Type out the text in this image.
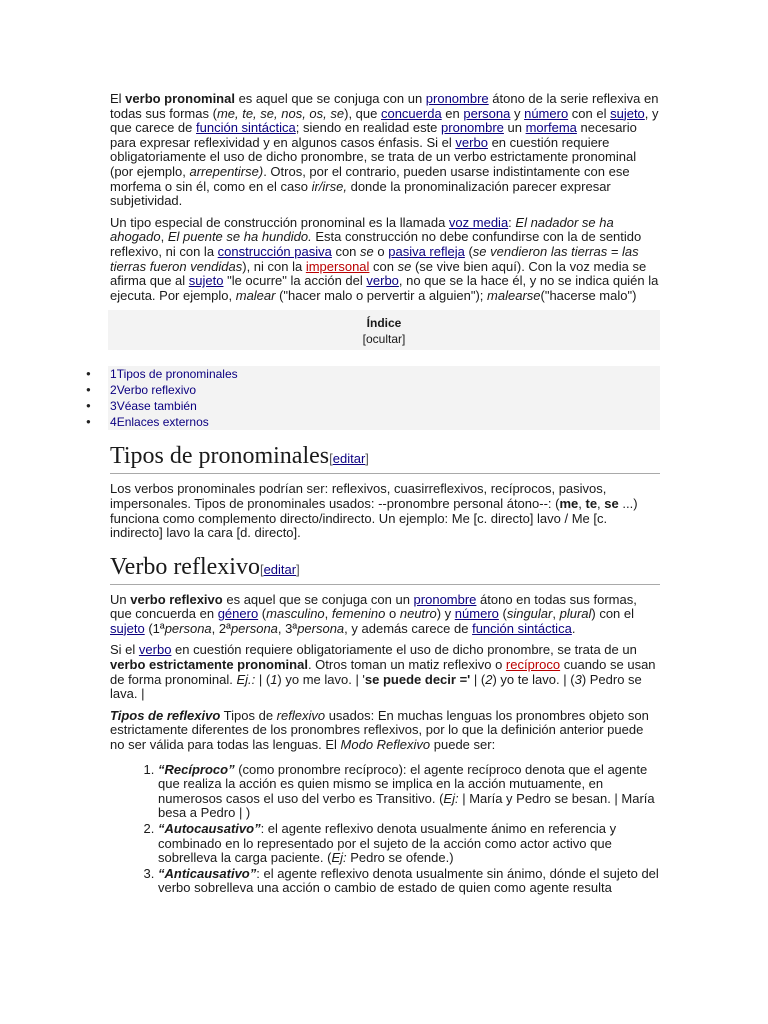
El verbo pronominal es aquel que se conjuga con un pronombre átono de la serie reflexiva en todas sus formas (me, te, se, nos, os, se), que concuerda en persona y número con el sujeto, y que carece de función sintáctica; siendo en realidad este pronombre un morfema necesario para expresar reflexividad y en algunos casos énfasis. Si el verbo en cuestión requiere obligatoriamente el uso de dicho pronombre, se trata de un verbo estrictamente pronominal (por ejemplo, arrepentirse). Otros, por el contrario, pueden usarse indistintamente con ese morfema o sin él, como en el caso ir/irse, donde la pronominalización parecer expresar subjetividad.

Un tipo especial de construcción pronominal es la llamada voz media: El nadador se ha ahogado, El puente se ha hundido. Esta construcción no debe confundirse con la de sentido reflexivo, ni con la construcción pasiva con se o pasiva refleja (se vendieron las tierras = las tierras fueron vendidas), ni con la impersonal con se (se vive bien aquí). Con la voz media se afirma que al sujeto "le ocurre" la acción del verbo, no que se la hace él, y no se indica quién la ejecuta. Por ejemplo, malear ("hacer malo o pervertir a alguien"); malearse("hacerse malo")

Índice
[ocultar]
● 1Tipos de pronominales
● 2Verbo reflexivo
● 3Véase también
● 4Enlaces externos
Tipos de pronominales[editar]

Los verbos pronominales podrían ser: reflexivos, cuasirreflexivos, recíprocos, pasivos, impersonales. Tipos de pronominales usados: --pronombre personal átono--: (me, te, se ...) funciona como complemento directo/indirecto. Un ejemplo: Me [c. directo] lavo / Me [c. indirecto] lavo la cara [d. directo].

Verbo reflexivo[editar]

Un verbo reflexivo es aquel que se conjuga con un pronombre átono en todas sus formas, que concuerda en género (masculino, femenino o neutro) y número (singular, plural) con el sujeto (1ªpersona, 2ªpersona, 3ªpersona, y además carece de función sintáctica.

Si el verbo en cuestión requiere obligatoriamente el uso de dicho pronombre, se trata de un verbo estrictamente pronominal. Otros toman un matiz reflexivo o recíproco cuando se usan de forma pronominal. Ej.: | (1) yo me lavo. | 'se puede decir =' | (2) yo te lavo. | (3) Pedro se lava. |

Tipos de reflexivo Tipos de reflexivo usados: En muchas lenguas los pronombres objeto son estrictamente diferentes de los pronombres reflexivos, por lo que la definición anterior puede no ser válida para todas las lenguas. El Modo Reflexivo puede ser:

1. “Recíproco” (como pronombre recíproco): el agente recíproco denota que el agente que realiza la acción es quien mismo se implica en la acción mutuamente, en numerosos casos el uso del verbo es Transitivo. (Ej: | María y Pedro se besan. | María besa a Pedro | )
2. “Autocausativo”: el agente reflexivo denota usualmente ánimo en referencia y combinado en lo representado por el sujeto de la acción como actor activo que sobrelleva la carga paciente. (Ej: Pedro se ofende.)
3. “Anticausativo”: el agente reflexivo denota usualmente sin ánimo, dónde el sujeto del verbo sobrelleva una acción o cambio de estado de quien como agente resulta
